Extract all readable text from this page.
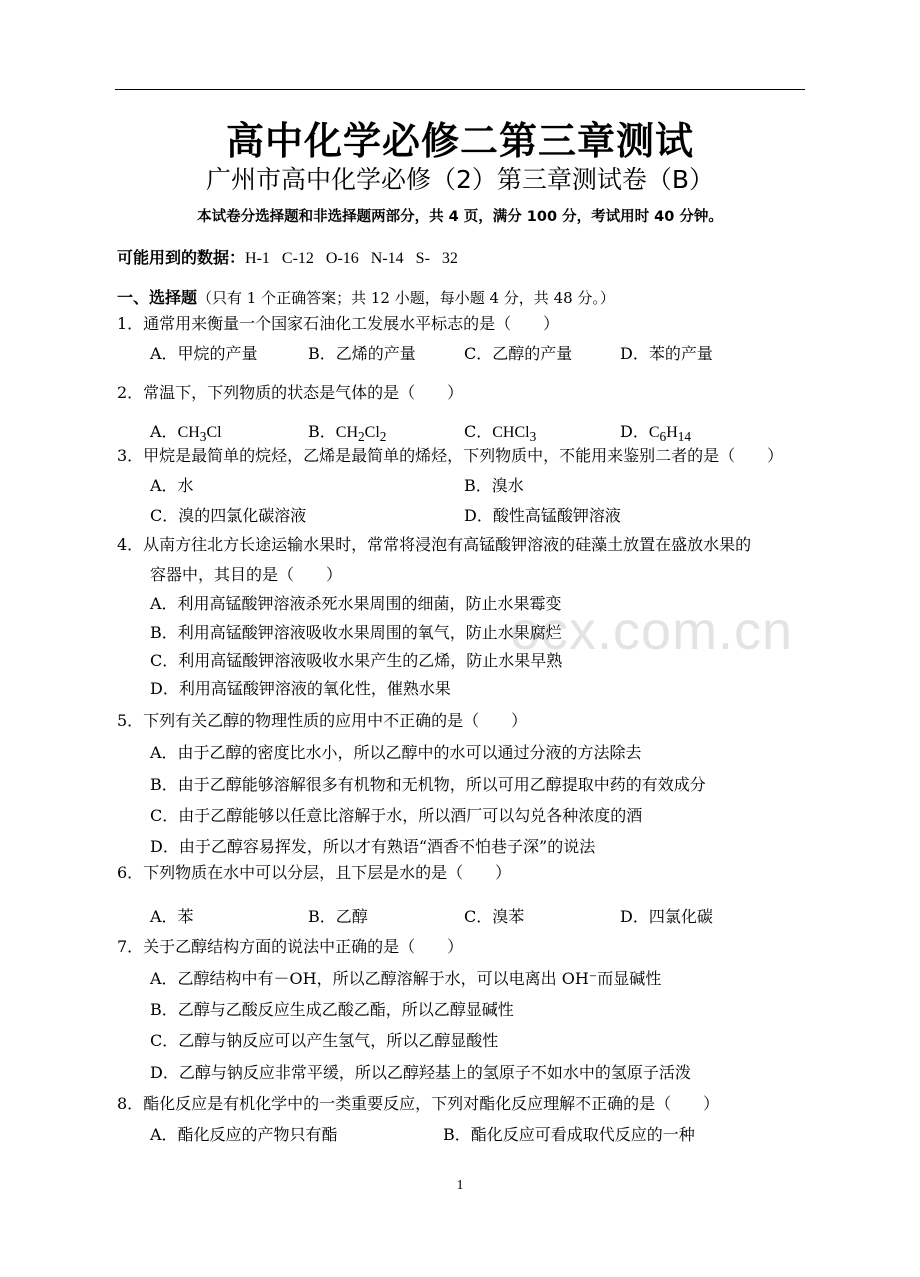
高中化学必修二第三章测试
广州市高中化学必修（2）第三章测试卷（B）
本试卷分选择题和非选择题两部分，共 4 页，满分 100 分，考试用时 40 分钟。
可能用到的数据：H-1 C-12 O-16 N-14 S- 32
一、选择题（只有 1 个正确答案；共 12 小题，每小题 4 分，共 48 分。）
ocx.com.cn
1．通常用来衡量一个国家石油化工发展水平标志的是（　　）
A．甲烷的产量	B．乙烯的产量	C．乙醇的产量	D．苯的产量
2．常温下，下列物质的状态是气体的是（　　）
A．$CH_3Cl$	B．$CH_2Cl_2$	C．CHCl$_3$	D．$C_6H_{14}$
3．甲烷是最简单的烷烃，乙烯是最简单的烯烃，下列物质中，不能用来鉴别二者的是（　　）
A．水	B．溴水
C．溴的四氯化碳溶液	D．酸性高锰酸钾溶液
4．从南方往北方长途运输水果时，常常将浸泡有高锰酸钾溶液的硅藻土放置在盛放水果的
容器中，其目的是（　　）
A．利用高锰酸钾溶液杀死水果周围的细菌，防止水果霉变
B．利用高锰酸钾溶液吸收水果周围的氧气，防止水果腐烂
C．利用高锰酸钾溶液吸收水果产生的乙烯，防止水果早熟
D．利用高锰酸钾溶液的氧化性，催熟水果
5．下列有关乙醇的物理性质的应用中不正确的是（　　）
A．由于乙醇的密度比水小，所以乙醇中的水可以通过分液的方法除去
B．由于乙醇能够溶解很多有机物和无机物，所以可用乙醇提取中药的有效成分
C．由于乙醇能够以任意比溶解于水，所以酒厂可以勾兑各种浓度的酒
D．由于乙醇容易挥发，所以才有熟语“酒香不怕巷子深”的说法
6．下列物质在水中可以分层，且下层是水的是（　　）
A．苯	B．乙醇	C．溴苯	D．四氯化碳
7．关于乙醇结构方面的说法中正确的是（　　）
A．乙醇结构中有－OH，所以乙醇溶解于水，可以电离出 OH⁻而显碱性
B．乙醇与乙酸反应生成乙酸乙酯，所以乙醇显碱性
C．乙醇与钠反应可以产生氢气，所以乙醇显酸性
D．乙醇与钠反应非常平缓，所以乙醇羟基上的氢原子不如水中的氢原子活泼
8．酯化反应是有机化学中的一类重要反应，下列对酯化反应理解不正确的是（　　）
A．酯化反应的产物只有酯	B．酯化反应可看成取代反应的一种
1
